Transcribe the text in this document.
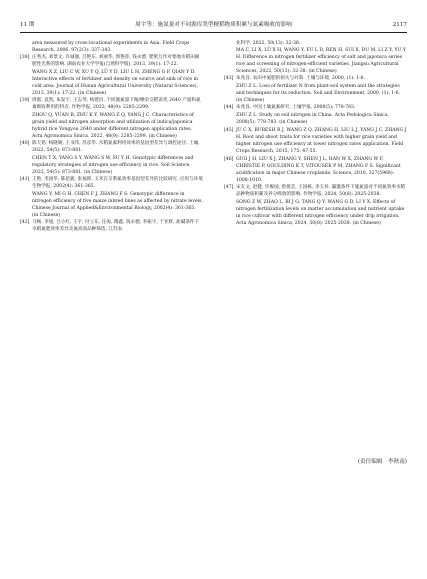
11 期	周宇等：施氮量对不同源库类型粳稻物质积累与氮素吸收的影响	2117
area measured by cross-locational experiments in Asia. Field Crops Research, 2006, 97(2/3): 337-343.
[38] 庄秀杰, 刘景文, 许诚强, 吕艳东, 刘丽华, 郭艳萍, 钱永德. 肥密互作对寒地水稻田耐肥性光系的影响. 湖南农业大学学报(自然科学版), 2013, 39(1): 17-22.
WANG X Z, LIU C W, XU Y Q, LÜ Y D, LIU L H, ZHENG G P, QIAN Y D. Interactive effects of fertilizer and density on source and sink of rice in cold area. Journal of Hunan Agricultural University (Natural Sciences), 2013, 39(1): 17-22. (in Chinese)
[39] 周群, 袁凯, 朱发宇, 王志琴, 杨建昌. 不同施氮量下籼/粳杂交稻甬优 2640 产量和氮素吸收利用的特点. 作物学报, 2022, 48(9): 2285-2299.
ZHOU Q, YUAN R, ZHU K Y, WANG Z Q, YANG J C. Characteristics of grain yield and nitrogen absorption and utilization of indica/japonica hybrid rice Yongyou 2640 under different nitrogen application rates. Acta Agronomica Sinica, 2022, 48(9): 2285-2299. (in Chinese)
[40] 陈天铭, 杨晓晴, 王书伟, 苏彦华. 水稻氮素利用效率的基因型差异与调控途径. 土壤, 2022, 54(5): 873-881.
CHEN T X, YANG S Y, WANG S W, SU Y H. Genotypic differences and regulatory strategies of nitrogen use efficiency in rice. Soil Science, 2022, 54(5): 873-881. (in Chinese)
[41] 王艳, 米国华, 陈范骏, 张福锁. 玉米自交系氮效率基因型差异的比较研究. 应用与环境生物学报, 2002(4): 361-365.
WANG Y, MI G H, CHEN F J, ZHANG F S. Genotypic difference in nitrogen efficiency of five maize inbred lines as affected by nitrate levels. Chinese Journal of Applied&Environmental Biology, 2002(4): 361-365. (in Chinese)
[42] 马畅, 李旭, 吕小红, 王宇, 付立东, 任海, 隋鑫, 钱永德, 李振宇, 于亚辉. 盐碱条件下水稻氮肥效率差异及氮高效品种筛选. 江苏农
业科学, 2022, 50(13): 32-38.
MA C, LI X, LÜ X H, WANG Y, FU L D, REN H, SUI X, DU M, LI Z Y, YU Y H. Difference in nitrogen fertilizer efficiency of salt and japonica series rice and screening of nitrogen-efficient varieties. Jiangsu Agricultural Sciences, 2022, 50(13): 32-38. (in Chinese)
[43] 朱兆良. 农田中氮肥的损失与对策. 土壤与环境, 2000, (1): 1-6.
ZHU Z L. Loss of fertilizer N from plant-soil system and the strategies and techniques for its reduction. Soil and Environment, 2000, (1): 1-6. (in Chinese)
[44] 朱兆良. 中国土壤氮素研究. 土壤学报, 2008(5): 778-783.
ZHU Z L. Study on soil nitrogen in China. Acta Pedologica Sinica, 2008(5): 778-783. (in Chinese)
[45] JU C X, BURESH R J, WANG Z Q, ZHANG H, LIU L J, YANG J C, ZHANG J H. Root and shoot traits for rice varieties with higher grain yield and higher nitrogen use efficiency at lower nitrogen rates application. Field Crops Research, 2015, 175: 47-55.
[46] GUO J H, LIU X J, ZHANG Y, SHEN J L, HAN W X, ZHANG W F, CHRISTIE P, GOULDING K T, VITOUSEK P M, ZHANG F S. Significant acidification in major Chinese croplands. Science, 2010, 327(5968): 1008-1010.
[47] 宋友文, 赵健, 毕俊国, 唐倩芸, 王国栋, 李玉祥. 漏灌条件下施氮量对不同氮效率水稻品种物质积累及养分吸收的影响. 作物学报, 2024, 50(8): 2025-2038.
SONG Z W, ZHAO L, BI J G, TANG Q Y, WANG G D, LI Y X. Effects of nitrogen fertilization levels on matter accumulation and nutrient uptake in rice cultivar with different nitrogen efficiency under drip irrigation. Acta Agronomica Sinica, 2024, 50(8): 2025-2038. (in Chinese)
(责任编辑　李秋南)
